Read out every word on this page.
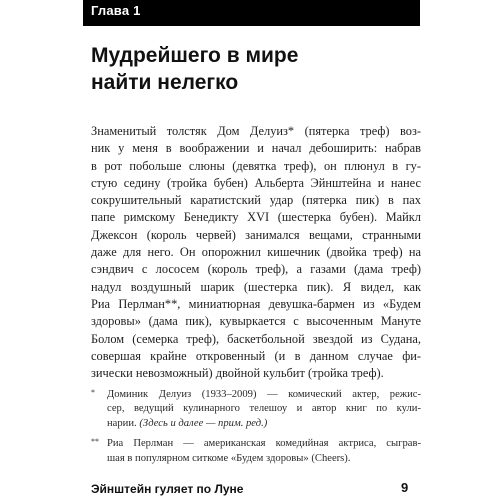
Глава 1
Мудрейшего в мире
найти нелегко
Знаменитый толстяк Дом Делуиз* (пятерка треф) воз-
ник у меня в воображении и начал дебоширить: набрав
в рот побольше слюны (девятка треф), он плюнул в гу-
стую седину (тройка бубен) Альберта Эйнштейна и нанес
сокрушительный каратистский удар (пятерка пик) в пах
папе римскому Бенедикту XVI (шестерка бубен). Майкл
Джексон (король червей) занимался вещами, странными
даже для него. Он опорожнил кишечник (двойка треф) на
сэндвич с лососем (король треф), а газами (дама треф)
надул воздушный шарик (шестерка пик). Я видел, как
Риа Перлман**, миниатюрная девушка-бармен из «Будем
здоровы» (дама пик), кувыркается с высоченным Мануте
Болом (семерка треф), баскетбольной звездой из Судана,
совершая крайне откровенный (и в данном случае фи-
зически невозможный) двойной кульбит (тройка треф).
* Доминик Делуиз (1933–2009) — комический актер, режис-
сер, ведущий кулинарного телешоу и автор книг по кули-
нарии. (Здесь и далее — прим. ред.)
** Риа Перлман — американская комедийная актриса, сыграв-
шая в популярном ситкоме «Будем здоровы» (Cheers).
Эйнштейн гуляет по Луне	9
